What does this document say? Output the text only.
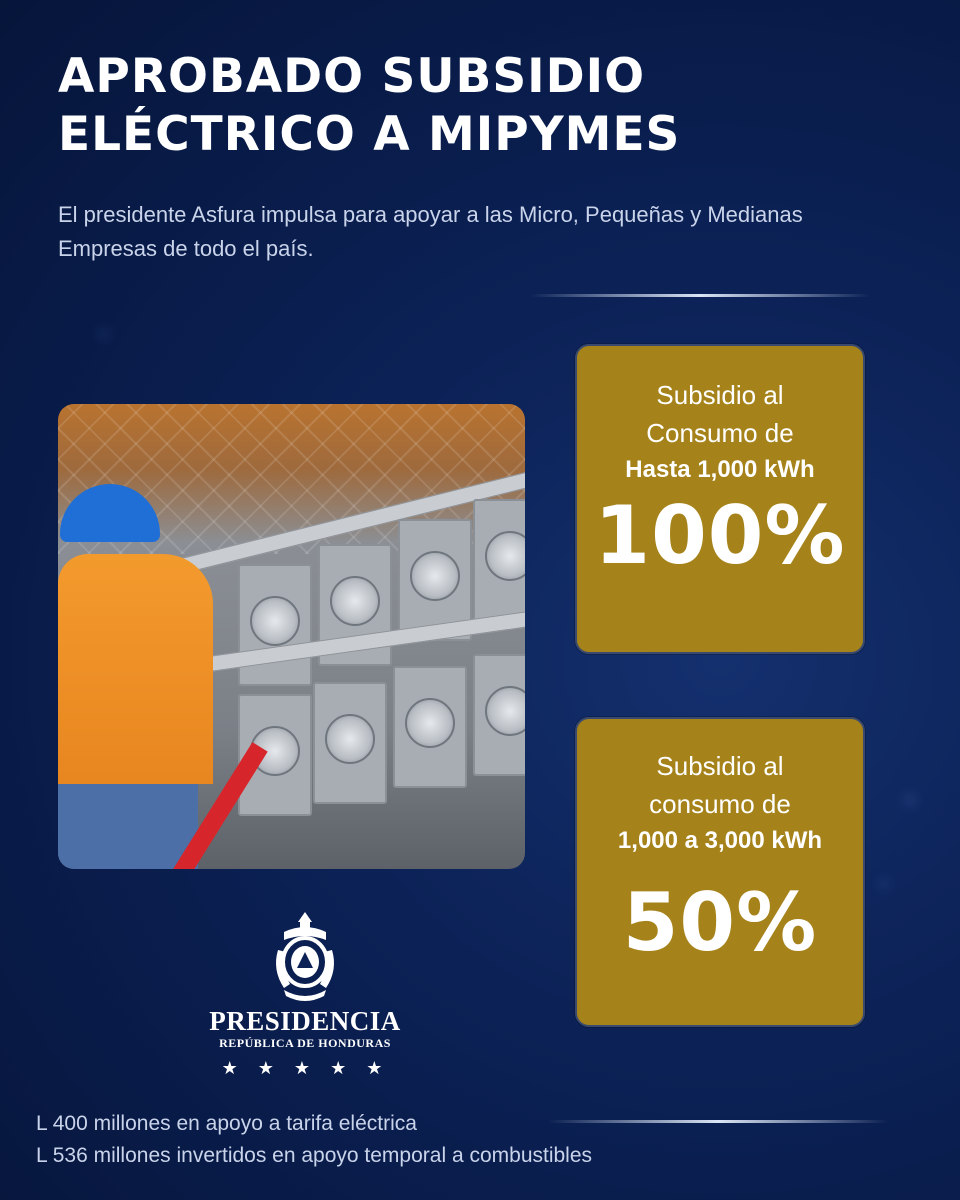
APROBADO SUBSIDIO
ELÉCTRICO A MIPYMES

El presidente Asfura impulsa para apoyar a las Micro, Pequeñas y Medianas Empresas de todo el país.

Subsidio al

Consumo de

Hasta 1,000 kWh

100%

Subsidio al

consumo de

1,000 a 3,000 kWh

50%

PRESIDENCIA

REPÚBLICA DE HONDURAS

★★★★★

L 400 millones en apoyo a tarifa eléctrica

L 536 millones invertidos en apoyo temporal a combustibles
